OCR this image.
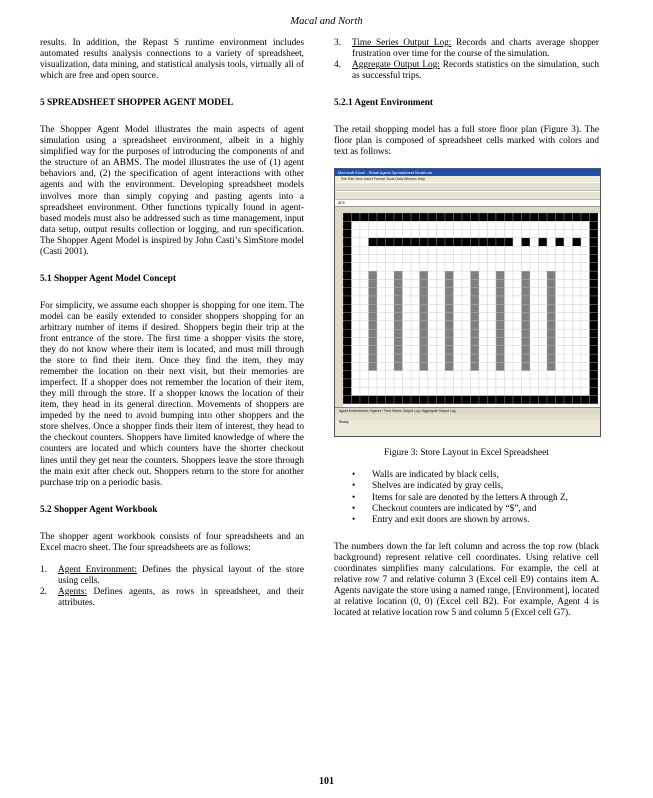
Macal and North

results. In addition, the Repast S runtime environment includes automated results analysis connections to a variety of spreadsheet, visualization, data mining, and statistical analysis tools, virtually all of which are free and open source.

5 SPREADSHEET SHOPPER AGENT MODEL

The Shopper Agent Model illustrates the main aspects of agent simulation using a spreadsheet environment, albeit in a highly simplified way for the purposes of introducing the components of and the structure of an ABMS. The model illustrates the use of (1) agent behaviors and, (2) the specification of agent interactions with other agents and with the environment. Developing spreadsheet models involves more than simply copying and pasting agents into a spreadsheet environment. Other functions typically found in agent-based models must also be addressed such as time management, input data setup, output results collection or logging, and run specification. The Shopper Agent Model is inspired by John Casti’s SimStore model (Casti 2001).

5.1 Shopper Agent Model Concept

For simplicity, we assume each shopper is shopping for one item. The model can be easily extended to consider shoppers shopping for an arbitrary number of items if desired. Shoppers begin their trip at the front entrance of the store. The first time a shopper visits the store, they do not know where their item is located, and must mill through the store to find their item. Once they find the item, they may remember the location on their next visit, but their memories are imperfect. If a shopper does not remember the location of their item, they mill through the store. If a shopper knows the location of their item, they head in its general direction. Movements of shoppers are impeded by the need to avoid bumping into other shoppers and the store shelves. Once a shopper finds their item of interest, they head to the checkout counters. Shoppers have limited knowledge of where the counters are located and which counters have the shorter checkout lines until they get near the counters. Shoppers leave the store through the main exit after check out. Shoppers return to the store for another purchase trip on a periodic basis.

5.2 Shopper Agent Workbook

The shopper agent workbook consists of four spreadsheets and an Excel macro sheet. The four spreadsheets are as follows:

1. Agent Environment: Defines the physical layout of the store using cells.
2. Agents: Defines agents, as rows in spreadsheet, and their attributes.
3. Time Series Output Log: Records and charts average shopper frustration over time for the course of the simulation.
4. Aggregate Output Log: Records statistics on the simulation, such as successful trips.

5.2.1 Agent Environment

The retail shopping model has a full store floor plan (Figure 3). The floor plan is composed of spreadsheet cells marked with colors and text as follows:

Microsoft Excel - Retail Agent Spreadsheet Model.xls
File Edit View Insert Format Tools Data Window Help
AF8
Agent Environment / Agents / Time Series Output Log / Aggregate Output Log
Ready

Figure 3: Store Layout in Excel Spreadsheet

• Walls are indicated by black cells,
• Shelves are indicated by gray cells,
• Items for sale are denoted by the letters A through Z,
• Checkout counters are indicated by “$”, and
• Entry and exit doors are shown by arrows.

The numbers down the far left column and across the top row (black background) represent relative cell coordinates. Using relative cell coordinates simplifies many calculations. For example, the cell at relative row 7 and relative column 3 (Excel cell E9) contains item A. Agents navigate the store using a named range, [Environment], located at relative location (0, 0) (Excel cell B2). For example, Agent 4 is located at relative location row 5 and column 5 (Excel cell G7).

101
